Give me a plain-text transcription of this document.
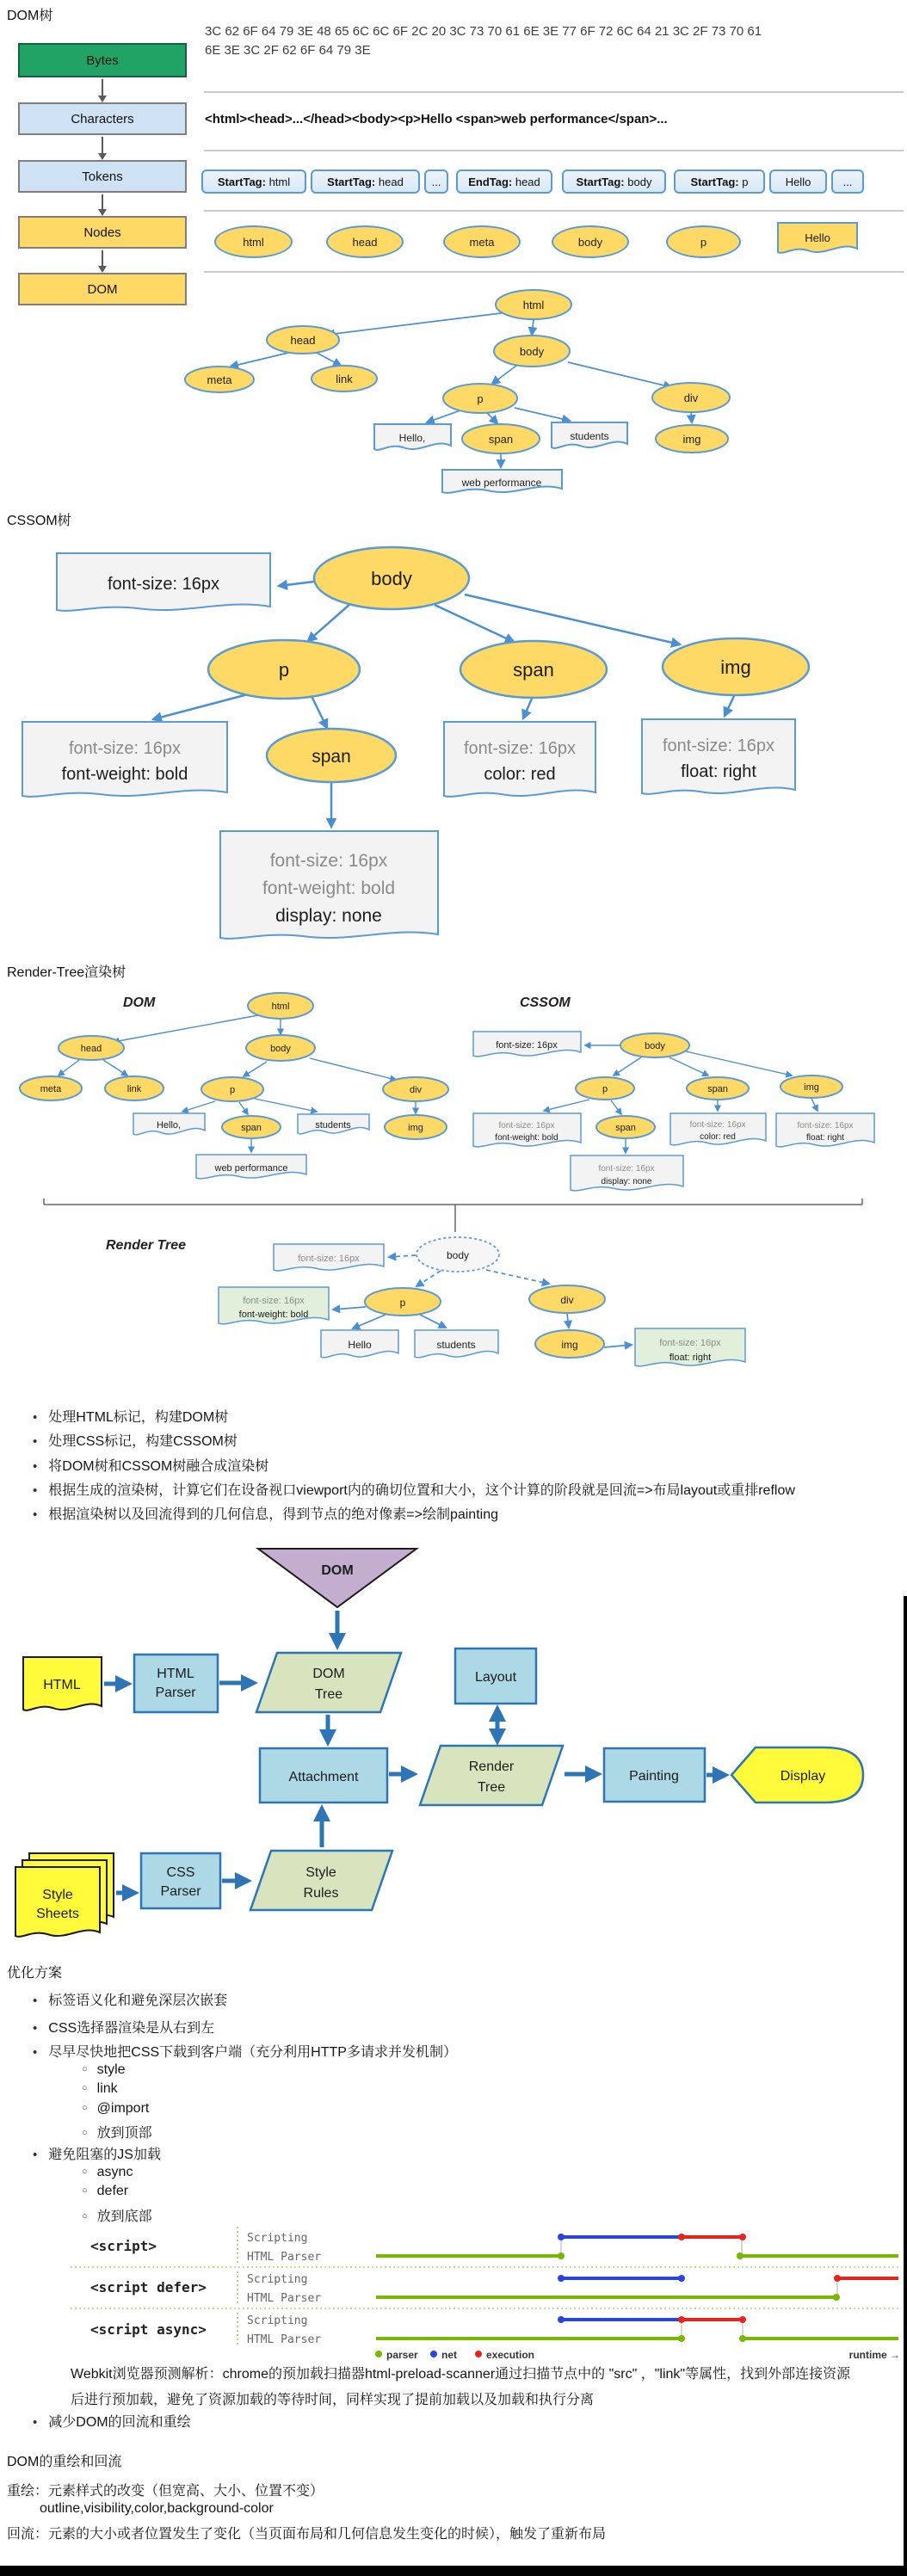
DOM树
Bytes
Characters
Tokens
Nodes
DOM
3C 62 6F 64 79 3E 48 65 6C 6C 6F 2C 20 3C 73 70 61 6E 3E 77 6F 72 6C 64 21 3C 2F 73 70 61
6E 3E 3C 2F 62 6F 64 79 3E
<html><head>...</head><body><p>Hello <span>web performance</span>...
StartTag: html	StartTag: head	... EndTag: head	StartTag: body	StartTag: p	Hello	...
html	head	meta	body	p	Hello
html
head
meta	link
body
p	div
span	img
Hello,	students
web performance
CSSOM树
font-size: 16px	body
p	span	img
span
font-size: 16px
font-weight: bold
font-size: 16px
color: red
font-size: 16px
float: right
font-size: 16px
font-weight: bold
display: none
Render-Tree渲染树
DOM	CSSOM
html
head	body
meta	link	p	div
Hello,	span	students	img
web performance
font-size: 16px	body
p	span	img
font-size: 16px
font-weight: bold
span	font-size: 16px
color: red
font-size: 16px
float: right
font-size: 16px
display: none
Render Tree
font-size: 16px	body
font-size: 16px
font-weight: bold
p	div
Hello	students	img	font-size: 16px
float: right
• 处理HTML标记，构建DOM树
• 处理CSS标记，构建CSSOM树
• 将DOM树和CSSOM树融合成渲染树
• 根据生成的渲染树，计算它们在设备视口viewport内的确切位置和大小，这个计算的阶段就是回流=>布局layout或重排reflow
• 根据渲染树以及回流得到的几何信息，得到节点的绝对像素=>绘制painting
DOM
HTML
HTML
Parser
DOM
Tree
Layout
Attachment
Render
Tree
Painting	Display
Style
Sheets
CSS
Parser
Style
Rules
优化方案
• 标签语义化和避免深层次嵌套
• CSS选择器渲染是从右到左
• 尽早尽快地把CSS下载到客户端（充分利用HTTP多请求并发机制）
○ style
○ link
○ @import
○ 放到顶部
• 避免阻塞的JS加载
○ async
○ defer
○ 放到底部
<script>	Scripting
HTML Parser
<script defer>	Scripting
HTML Parser
<script async>
Scripting
HTML Parser
parser net	execution	runtime →
Webkit浏览器预测解析：chrome的预加载扫描器html-preload-scanner通过扫描节点中的 "src" ，"link"等属性，找到外部连接资源
后进行预加载，避免了资源加载的等待时间，同样实现了提前加载以及加载和执行分离
• 减少DOM的回流和重绘
DOM的重绘和回流
重绘：元素样式的改变（但宽高、大小、位置不变）
outline,visibility,color,background-color
回流：元素的大小或者位置发生了变化（当页面布局和几何信息发生变化的时候），触发了重新布局
